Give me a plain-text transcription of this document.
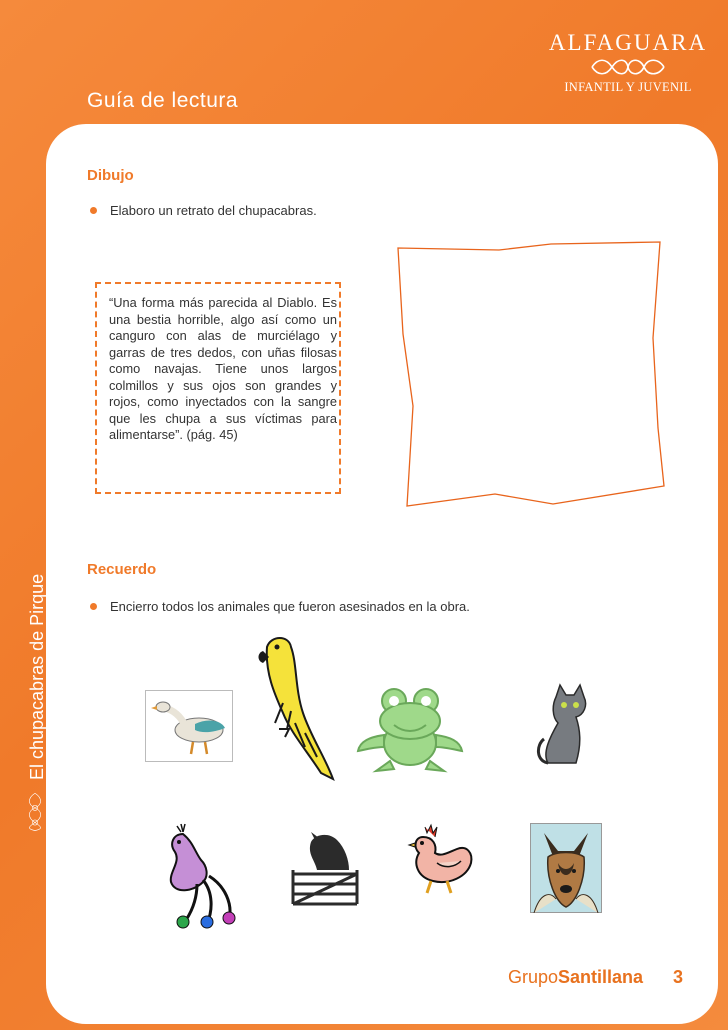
Guía de lectura
ALFAGUARA
INFANTIL Y JUVENIL
El chupacabras de Pirque
Dibujo
Elaboro un retrato del chupacabras.

“Una forma más parecida al Diablo. Es una bestia horrible, algo así como un canguro con alas de murciélago y garras de tres dedos, con uñas filosas como navajas. Tiene unos largos colmillos y sus ojos son grandes y rojos, como inyectados con la sangre que les chupa a sus víctimas para alimentarse”. (pág. 45)

Recuerdo
Encierro todos los animales que fueron asesinados en la obra.
GrupoSantillana 3
